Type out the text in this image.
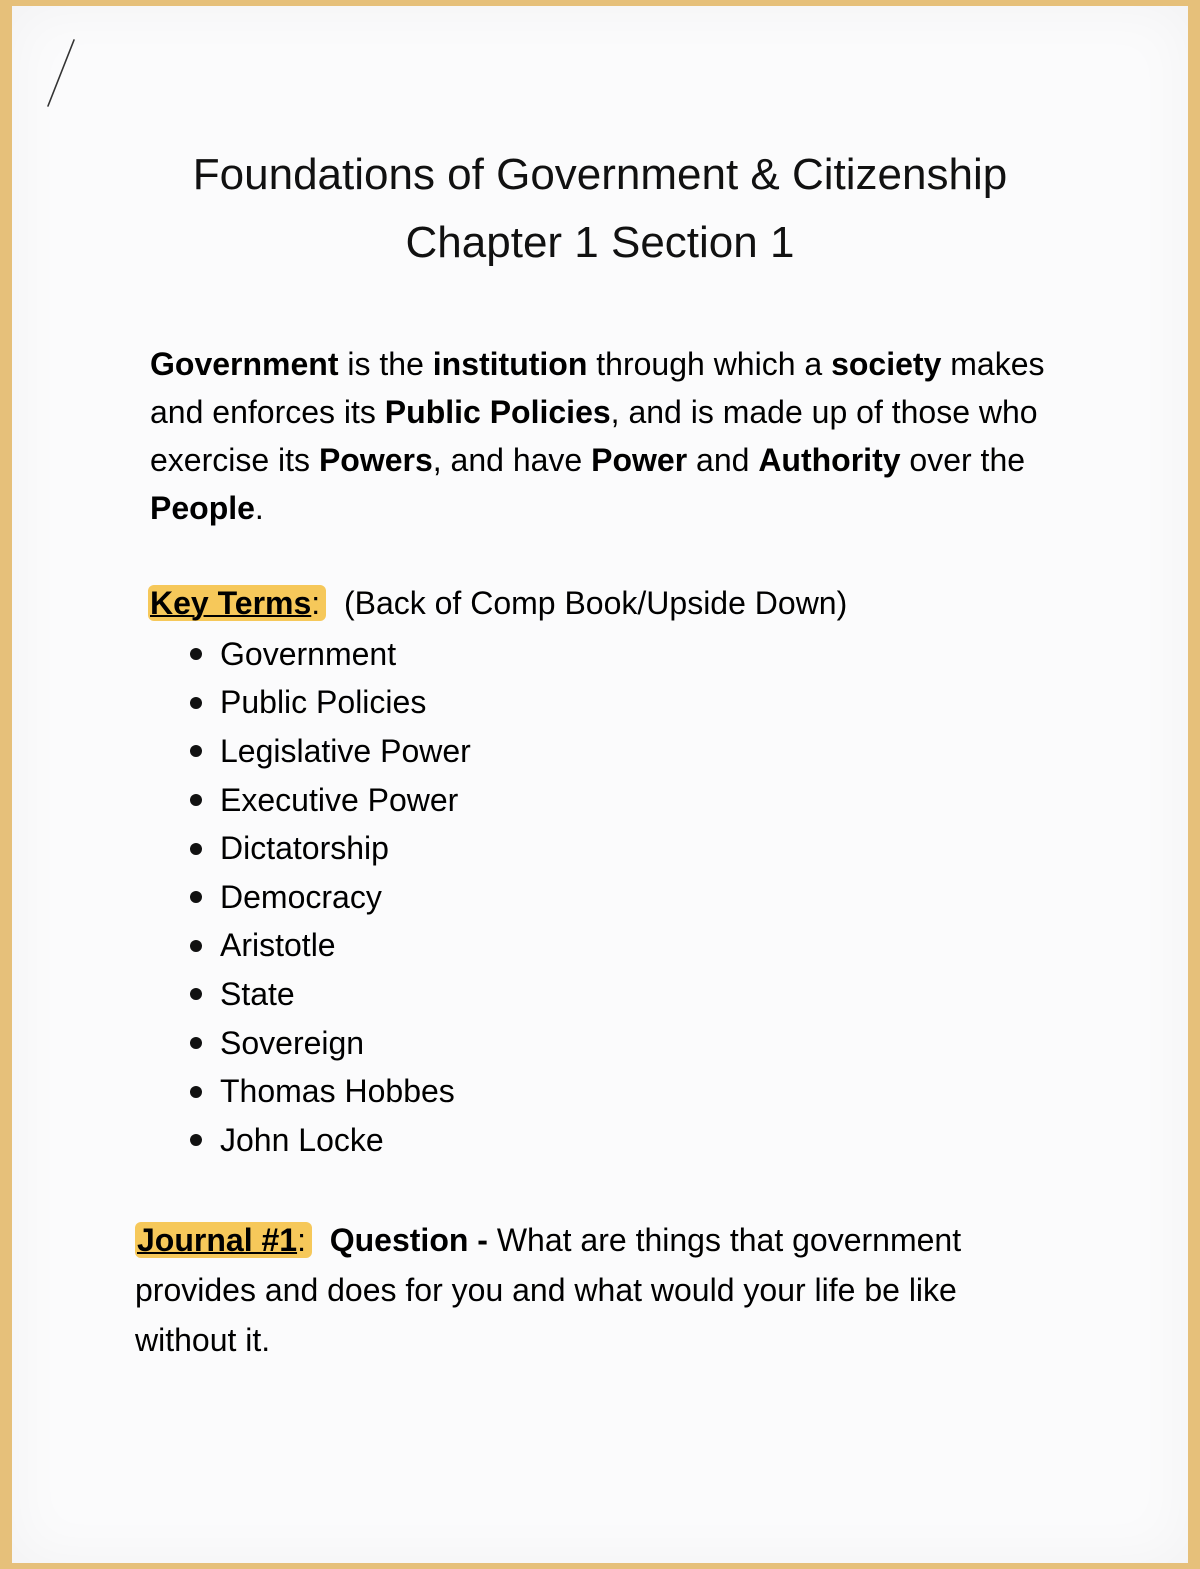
Foundations of Government & Citizenship
Chapter 1 Section 1
Government is the institution through which a society makes and enforces its Public Policies, and is made up of those who exercise its Powers, and have Power and Authority over the People.
Key Terms: (Back of Comp Book/Upside Down)
Government
Public Policies
Legislative Power
Executive Power
Dictatorship
Democracy
Aristotle
State
Sovereign
Thomas Hobbes
John Locke
Journal #1: Question - What are things that government provides and does for you and what would your life be like without it.
